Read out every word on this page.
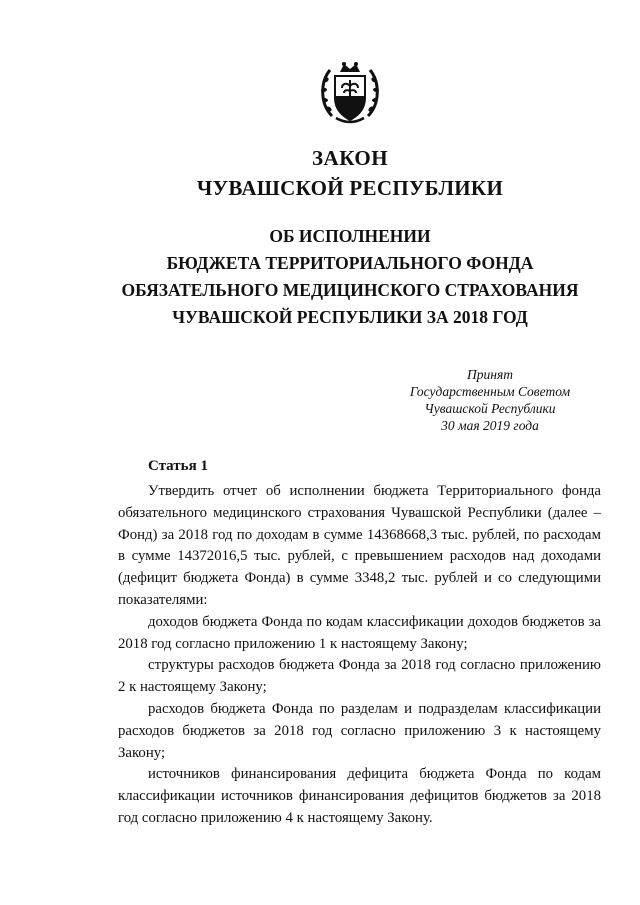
ЗАКОН
ЧУВАШСКОЙ РЕСПУБЛИКИ
ОБ ИСПОЛНЕНИИ
БЮДЖЕТА ТЕРРИТОРИАЛЬНОГО ФОНДА
ОБЯЗАТЕЛЬНОГО МЕДИЦИНСКОГО СТРАХОВАНИЯ
ЧУВАШСКОЙ РЕСПУБЛИКИ ЗА 2018 ГОД
Принят
Государственным Советом
Чувашской Республики
30 мая 2019 года
Статья 1

Утвердить отчет об исполнении бюджета Территориального фонда обязательного медицинского страхования Чувашской Республики (далее – Фонд) за 2018 год по доходам в сумме 14368668,3 тыс. рублей, по расходам в сумме 14372016,5 тыс. рублей, с превышением расходов над доходами (дефицит бюджета Фонда) в сумме 3348,2 тыс. рублей и со следующими показателями:

доходов бюджета Фонда по кодам классификации доходов бюджетов за 2018 год согласно приложению 1 к настоящему Закону;

структуры расходов бюджета Фонда за 2018 год согласно приложению 2 к настоящему Закону;

расходов бюджета Фонда по разделам и подразделам классификации расходов бюджетов за 2018 год согласно приложению 3 к настоящему Закону;

источников финансирования дефицита бюджета Фонда по кодам классификации источников финансирования дефицитов бюджетов за 2018 год согласно приложению 4 к настоящему Закону.
